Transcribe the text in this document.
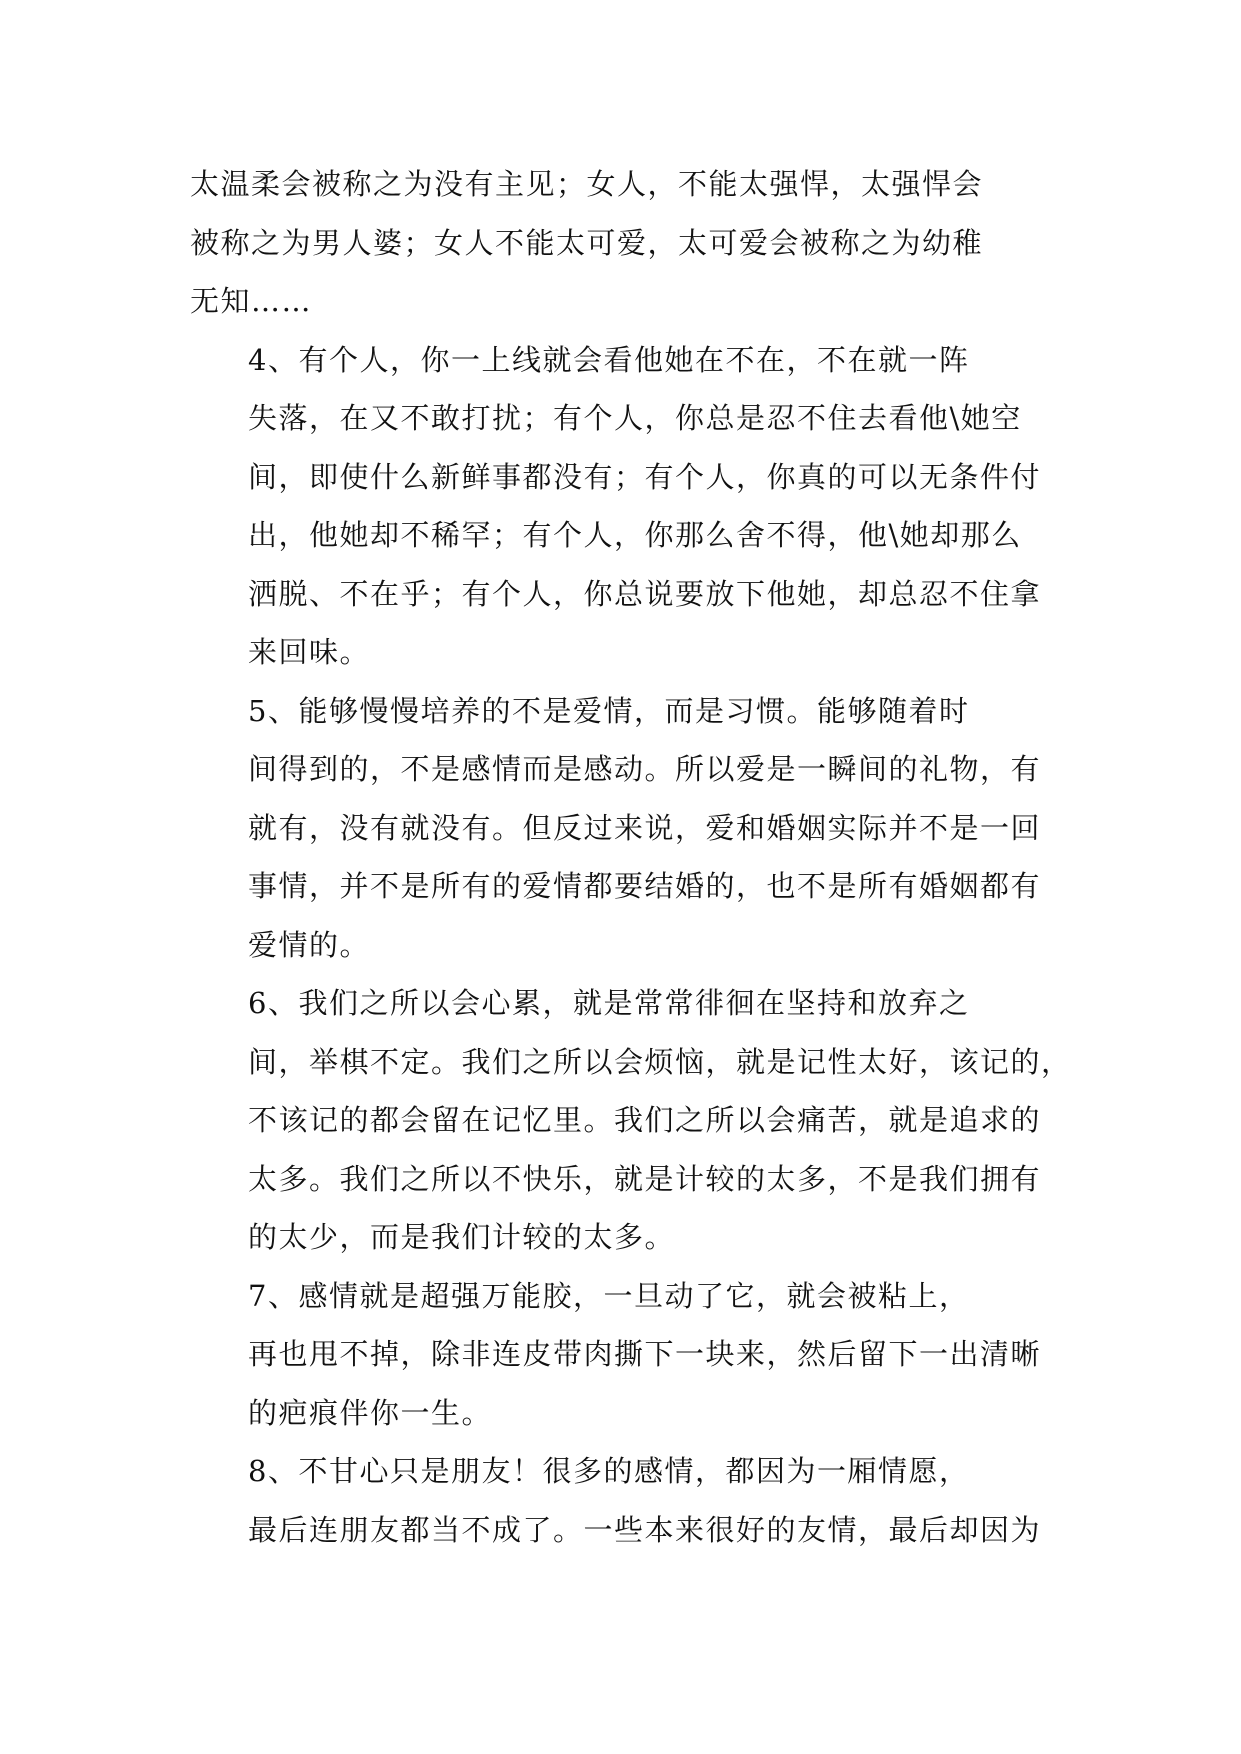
太温柔会被称之为没有主见；女人，不能太强悍，太强悍会
被称之为男人婆；女人不能太可爱，太可爱会被称之为幼稚
无知……
4、有个人，你一上线就会看他她在不在，不在就一阵
失落，在又不敢打扰；有个人，你总是忍不住去看他\她空
间，即使什么新鲜事都没有；有个人，你真的可以无条件付
出，他她却不稀罕；有个人，你那么舍不得，他\她却那么
洒脱、不在乎；有个人，你总说要放下他她，却总忍不住拿
来回味。
5、能够慢慢培养的不是爱情，而是习惯。能够随着时
间得到的，不是感情而是感动。所以爱是一瞬间的礼物，有
就有，没有就没有。但反过来说，爱和婚姻实际并不是一回
事情，并不是所有的爱情都要结婚的，也不是所有婚姻都有
爱情的。
6、我们之所以会心累，就是常常徘徊在坚持和放弃之
间，举棋不定。我们之所以会烦恼，就是记性太好，该记的，
不该记的都会留在记忆里。我们之所以会痛苦，就是追求的
太多。我们之所以不快乐，就是计较的太多，不是我们拥有
的太少，而是我们计较的太多。
7、感情就是超强万能胶，一旦动了它，就会被粘上，
再也甩不掉，除非连皮带肉撕下一块来，然后留下一出清晰
的疤痕伴你一生。
8、不甘心只是朋友！很多的感情，都因为一厢情愿，
最后连朋友都当不成了。一些本来很好的友情，最后却因为
